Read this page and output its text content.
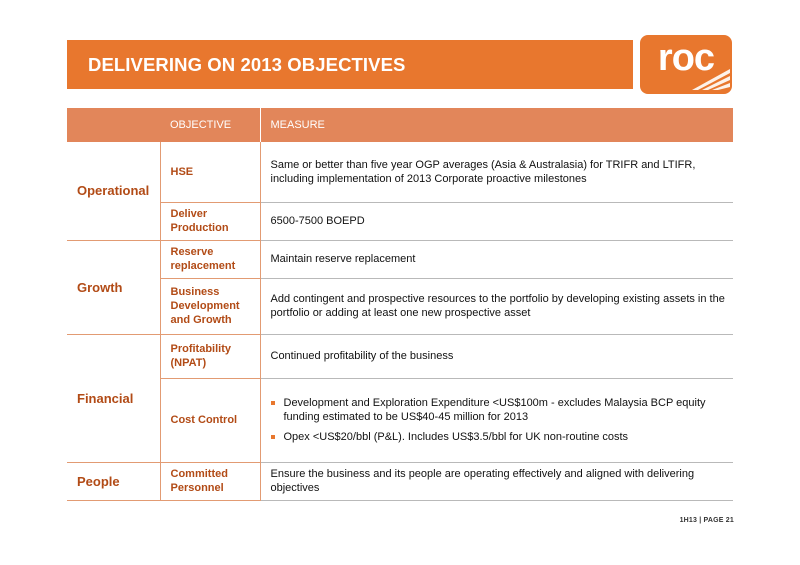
DELIVERING ON 2013 OBJECTIVES	roc
	OBJECTIVE	MEASURE
Operational	HSE	Same or better than five year OGP averages (Asia & Australasia) for TRIFR and LTIFR, including implementation of 2013 Corporate proactive milestones
	Deliver Production	6500-7500 BOEPD
Growth	Reserve replacement	Maintain reserve replacement
	Business Development and Growth	Add contingent and prospective resources to the portfolio by developing existing assets in the portfolio or adding at least one new prospective asset
Financial	Profitability (NPAT)	Continued profitability of the business
	Cost Control	Development and Exploration Expenditure <US$100m - excludes Malaysia BCP equity funding estimated to be US$40-45 million for 2013
Opex <US$20/bbl (P&L). Includes US$3.5/bbl for UK non-routine costs

People	Committed Personnel	Ensure the business and its people are operating effectively and aligned with delivering objectives
1H13 | PAGE 21
